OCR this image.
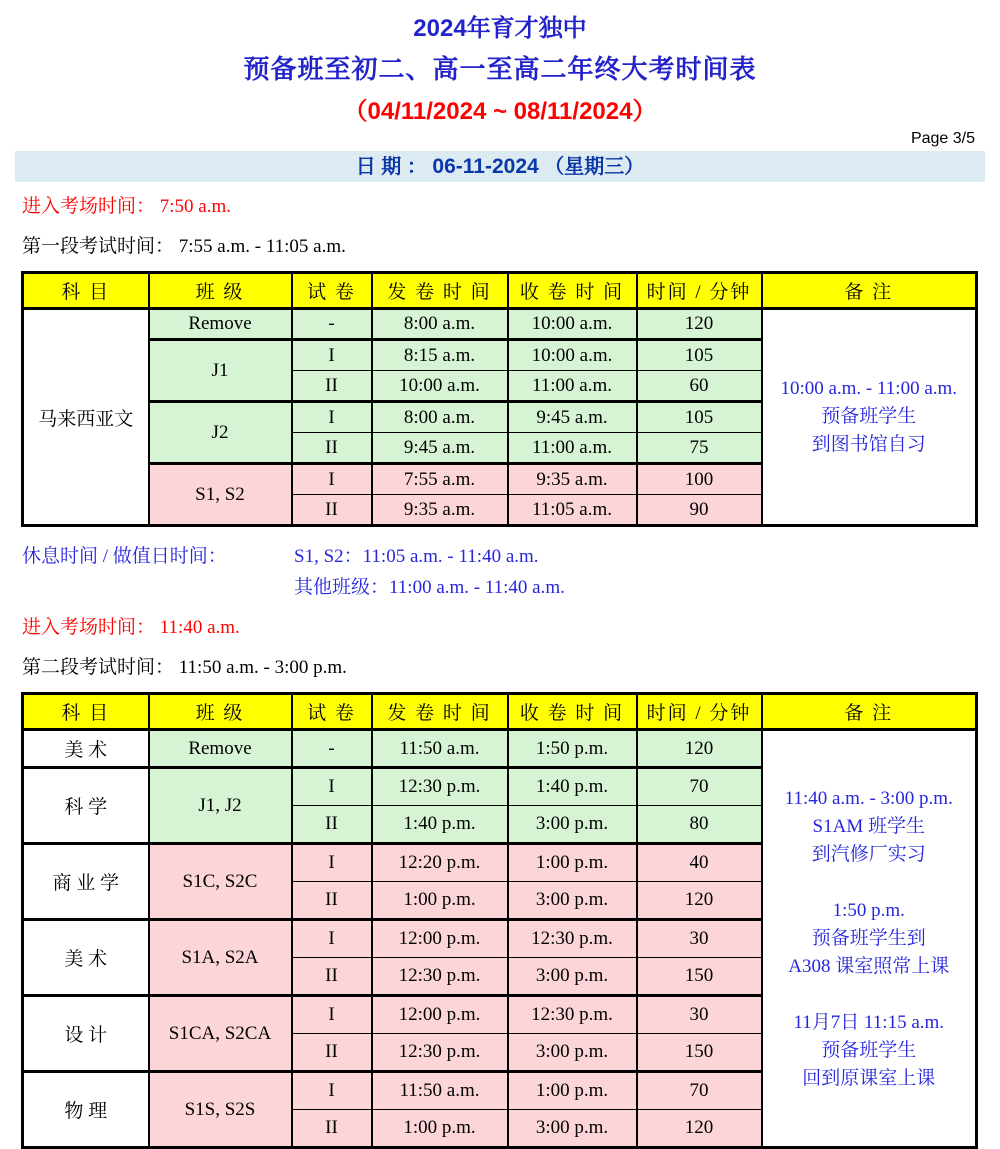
2024年育才独中
预备班至初二、高一至高二年终大考时间表
（04/11/2024 ~ 08/11/2024）
Page 3/5
日 期 ： 06-11-2024 （星期三）
进入考场时间： 7:50 a.m.
第一段考试时间： 7:55 a.m. - 11:05 a.m.
科 目	班 级	试 卷	发 卷 时 间	收 卷 时 间	时间 / 分钟	备 注
马来西亚文	Remove	-	8:00 a.m.	10:00 a.m.	120	10:00 a.m. - 11:00 a.m.
预备班学生
到图书馆自习
	J1	I	8:15 a.m.	10:00 a.m.	105	
		II	10:00 a.m.	11:00 a.m.	60	
	J2	I	8:00 a.m.	9:45 a.m.	105	
		II	9:45 a.m.	11:00 a.m.	75	
	S1, S2	I	7:55 a.m.	9:35 a.m.	100	
		II	9:35 a.m.	11:05 a.m.	90	
休息时间 / 做值日时间：	S1, S2：11:05 a.m. - 11:40 a.m.
其他班级：11:00 a.m. - 11:40 a.m.
进入考场时间： 11:40 a.m.
第二段考试时间： 11:50 a.m. - 3:00 p.m.
科 目	班 级	试 卷	发 卷 时 间	收 卷 时 间	时间 / 分钟	备 注
美 术	Remove	-	11:50 a.m.	1:50 p.m.	120	11:40 a.m. - 3:00 p.m.
S1AM 班学生
到汽修厂实习

1:50 p.m.
预备班学生到
A308 课室照常上课

11月7日 11:15 a.m.
预备班学生
回到原课室上课
科 学	J1, J2	I	12:30 p.m.	1:40 p.m.	70	
		II	1:40 p.m.	3:00 p.m.	80	
商 业 学	S1C, S2C	I	12:20 p.m.	1:00 p.m.	40	
		II	1:00 p.m.	3:00 p.m.	120	
美 术	S1A, S2A	I	12:00 p.m.	12:30 p.m.	30	
		II	12:30 p.m.	3:00 p.m.	150	
设 计	S1CA, S2CA	I	12:00 p.m.	12:30 p.m.	30	
		II	12:30 p.m.	3:00 p.m.	150	
物 理	S1S, S2S	I	11:50 a.m.	1:00 p.m.	70	
		II	1:00 p.m.	3:00 p.m.	120	
